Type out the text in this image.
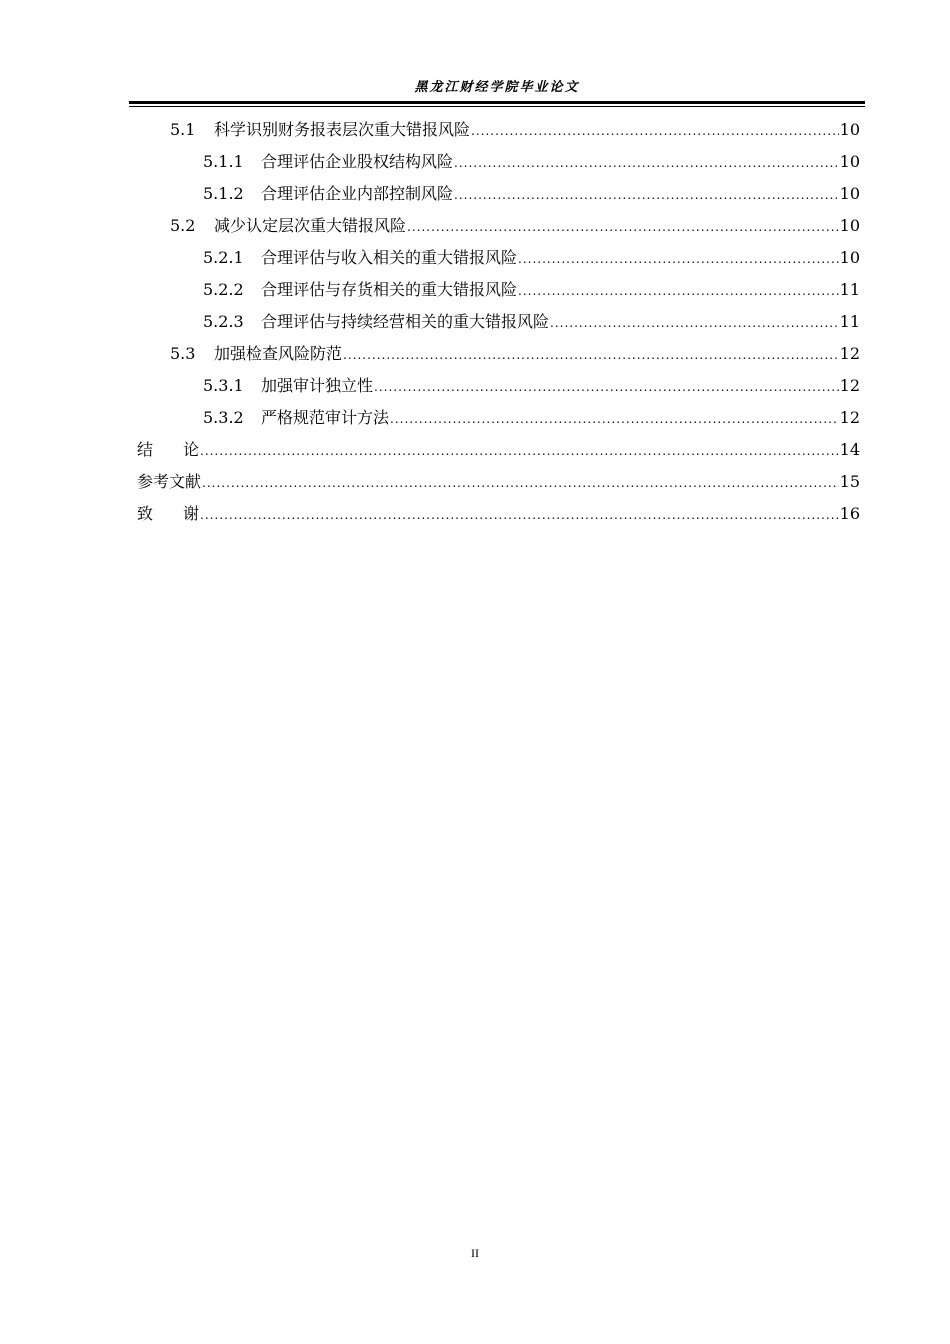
黑龙江财经学院毕业论文
5.1	科学识别财务报表层次重大错报风险 .....	10
5.1.1	合理评估企业股权结构风险 .....	10
5.1.2	合理评估企业内部控制风险 .....	10
5.2	减少认定层次重大错报风险 .....	10
5.2.1	合理评估与收入相关的重大错报风险 .....	10
5.2.2	合理评估与存货相关的重大错报风险 .....	11
5.2.3	合理评估与持续经营相关的重大错报风险 .....	11
5.3	加强检查风险防范 .....	12
5.3.1	加强审计独立性 .....	12
5.3.2	严格规范审计方法 .....	12
结论 .....	14
参考文献 .....	15
致谢 .....	16
II
